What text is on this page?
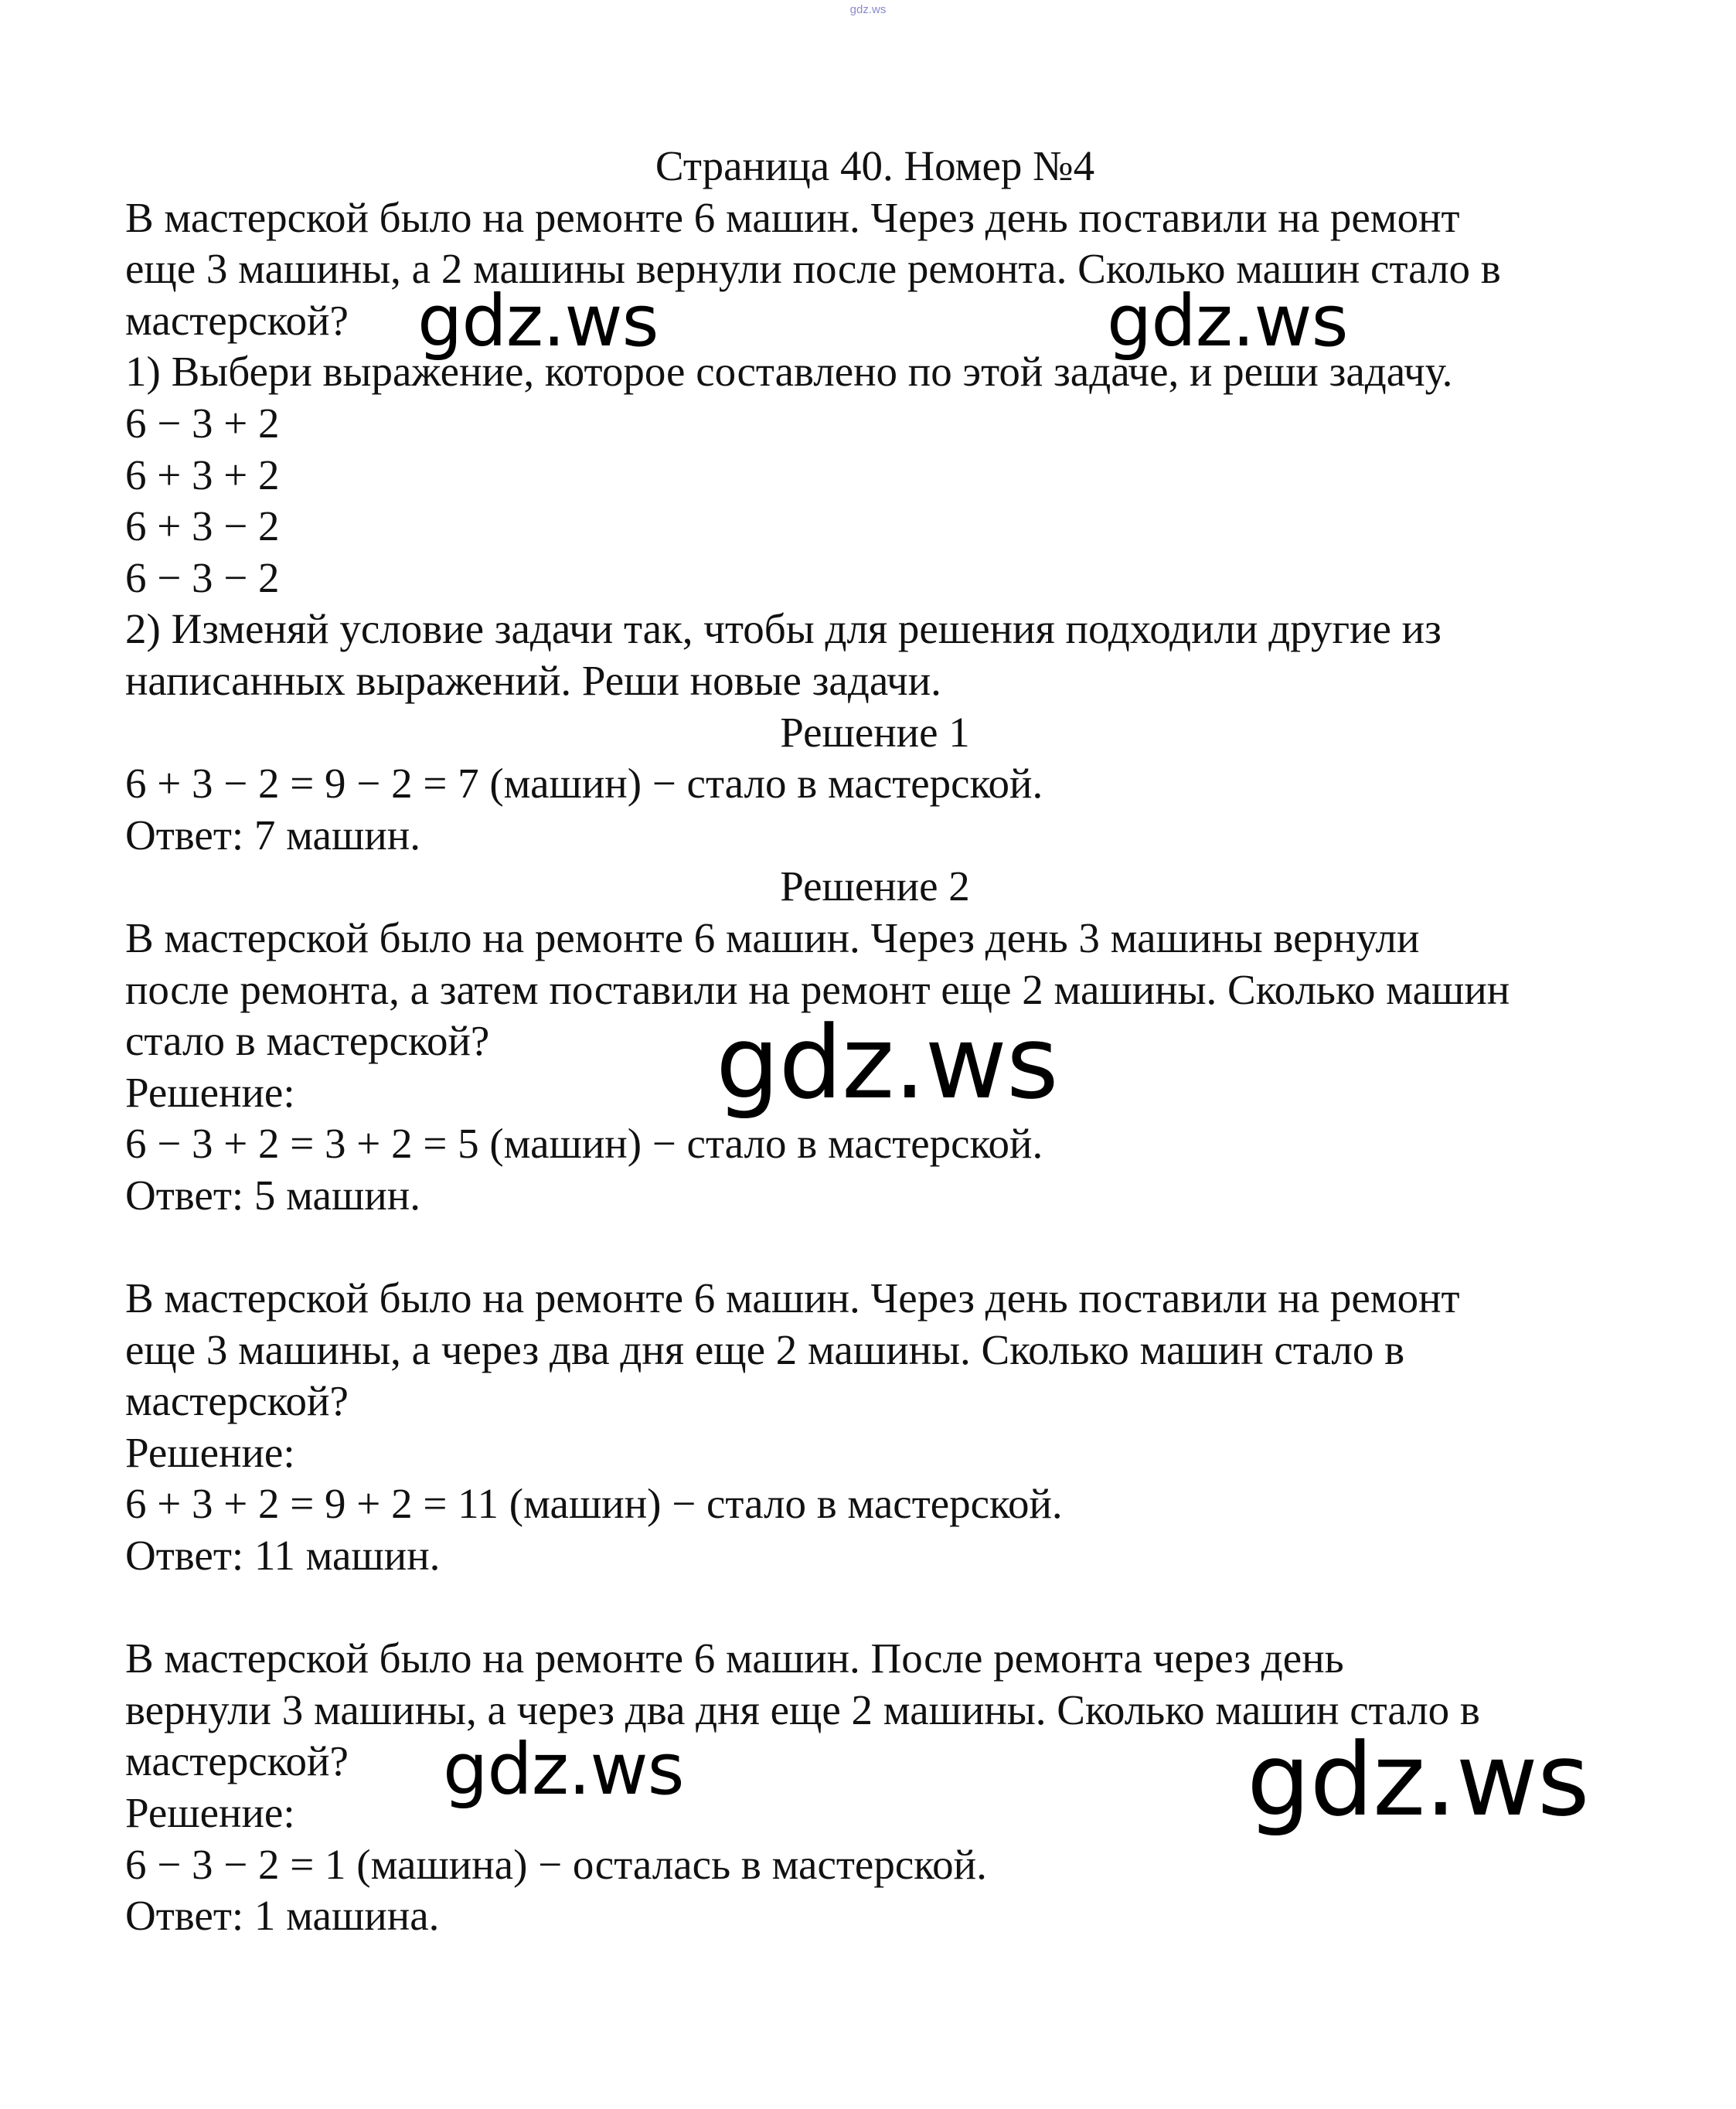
gdz.ws
Страница 40. Номер №4
В мастерской было на ремонте 6 машин. Через день поставили на ремонт
еще 3 машины, а 2 машины вернули после ремонта. Сколько машин стало в
мастерской?
1) Выбери выражение, которое составлено по этой задаче, и реши задачу.
6 − 3 + 2
6 + 3 + 2
6 + 3 − 2
6 − 3 − 2
2) Изменяй условие задачи так, чтобы для решения подходили другие из
написанных выражений. Реши новые задачи.
Решение 1
6 + 3 − 2 = 9 − 2 = 7 (машин) − стало в мастерской.
Ответ: 7 машин.
Решение 2
В мастерской было на ремонте 6 машин. Через день 3 машины вернули
после ремонта, а затем поставили на ремонт еще 2 машины. Сколько машин
стало в мастерской?
Решение:
6 − 3 + 2 = 3 + 2 = 5 (машин) − стало в мастерской.
Ответ: 5 машин.
В мастерской было на ремонте 6 машин. Через день поставили на ремонт
еще 3 машины, а через два дня еще 2 машины. Сколько машин стало в
мастерской?
Решение:
6 + 3 + 2 = 9 + 2 = 11 (машин) − стало в мастерской.
Ответ: 11 машин.
В мастерской было на ремонте 6 машин. После ремонта через день
вернули 3 машины, а через два дня еще 2 машины. Сколько машин стало в
мастерской?
Решение:
6 − 3 − 2 = 1 (машина) − осталась в мастерской.
Ответ: 1 машина.
gdz.ws	gdz.ws
gdz.ws
gdz.ws	gdz.ws
